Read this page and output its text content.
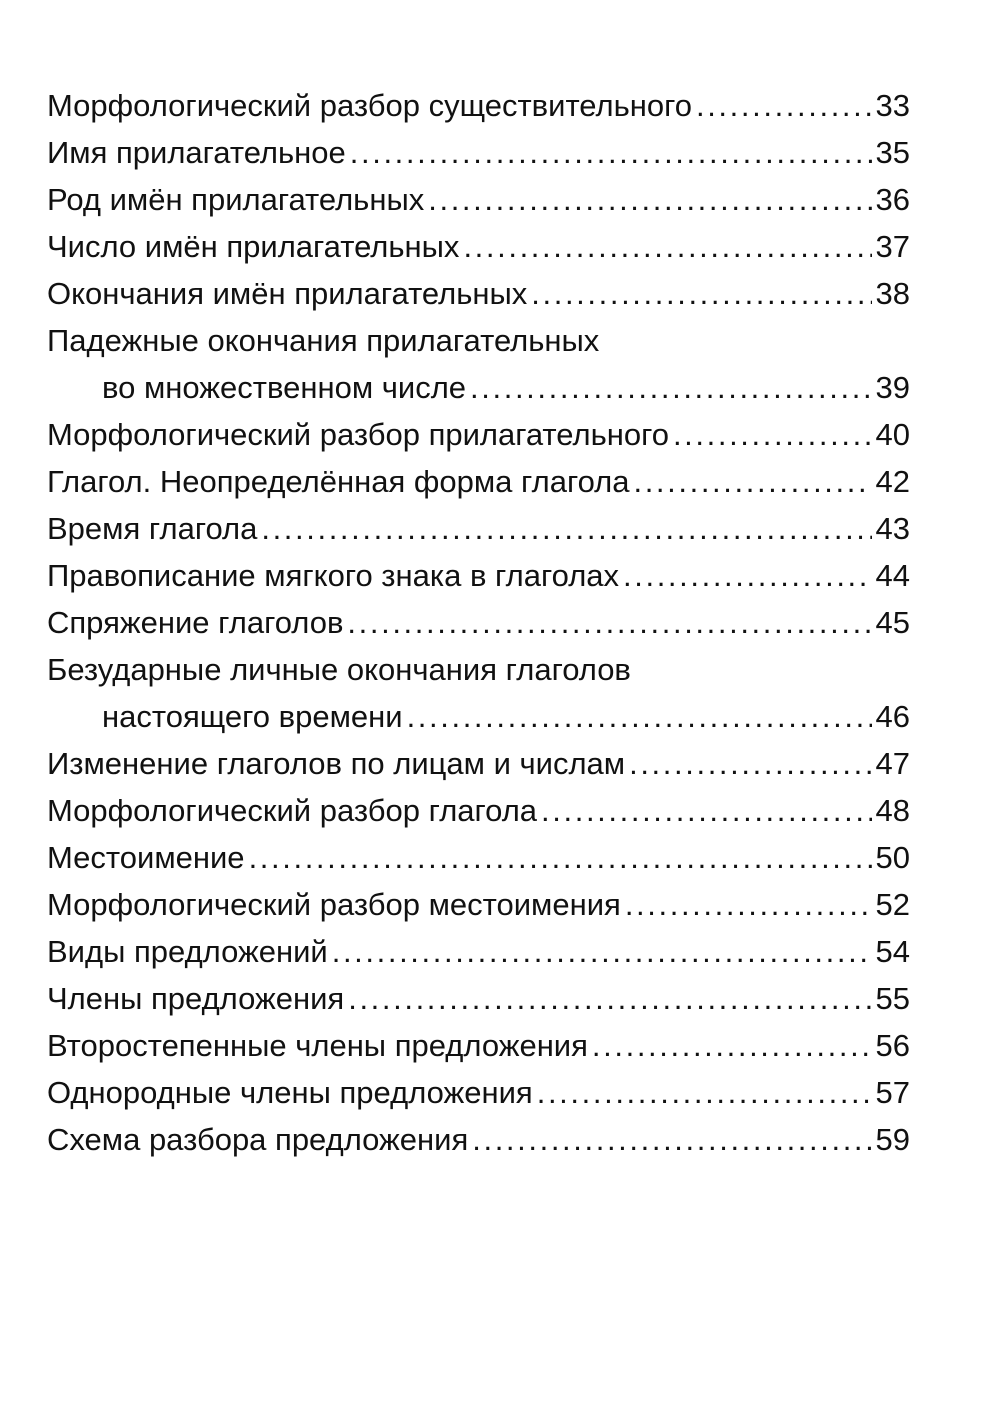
Морфологический разбор существительного . . .	33
Имя прилагательное . . .	35
Род имён прилагательных . . .	36
Число имён прилагательных . . .	37
Окончания имён прилагательных . . .	38
Падежные окончания прилагательных
во множественном числе . . .	39
Морфологический разбор прилагательного . . .	40
Глагол. Неопределённая форма глагола . . .	42
Время глагола . . .	43
Правописание мягкого знака в глаголах . . .	44
Спряжение глаголов . . .	45
Безударные личные окончания глаголов
настоящего времени . . .	46
Изменение глаголов по лицам и числам . . .	47
Морфологический разбор глагола . . .	48
Местоимение . . .	50
Морфологический разбор местоимения . . .	52
Виды предложений . . .	54
Члены предложения . . .	55
Второстепенные члены предложения . . .	56
Однородные члены предложения . . .	57
Схема разбора предложения . . .	59
